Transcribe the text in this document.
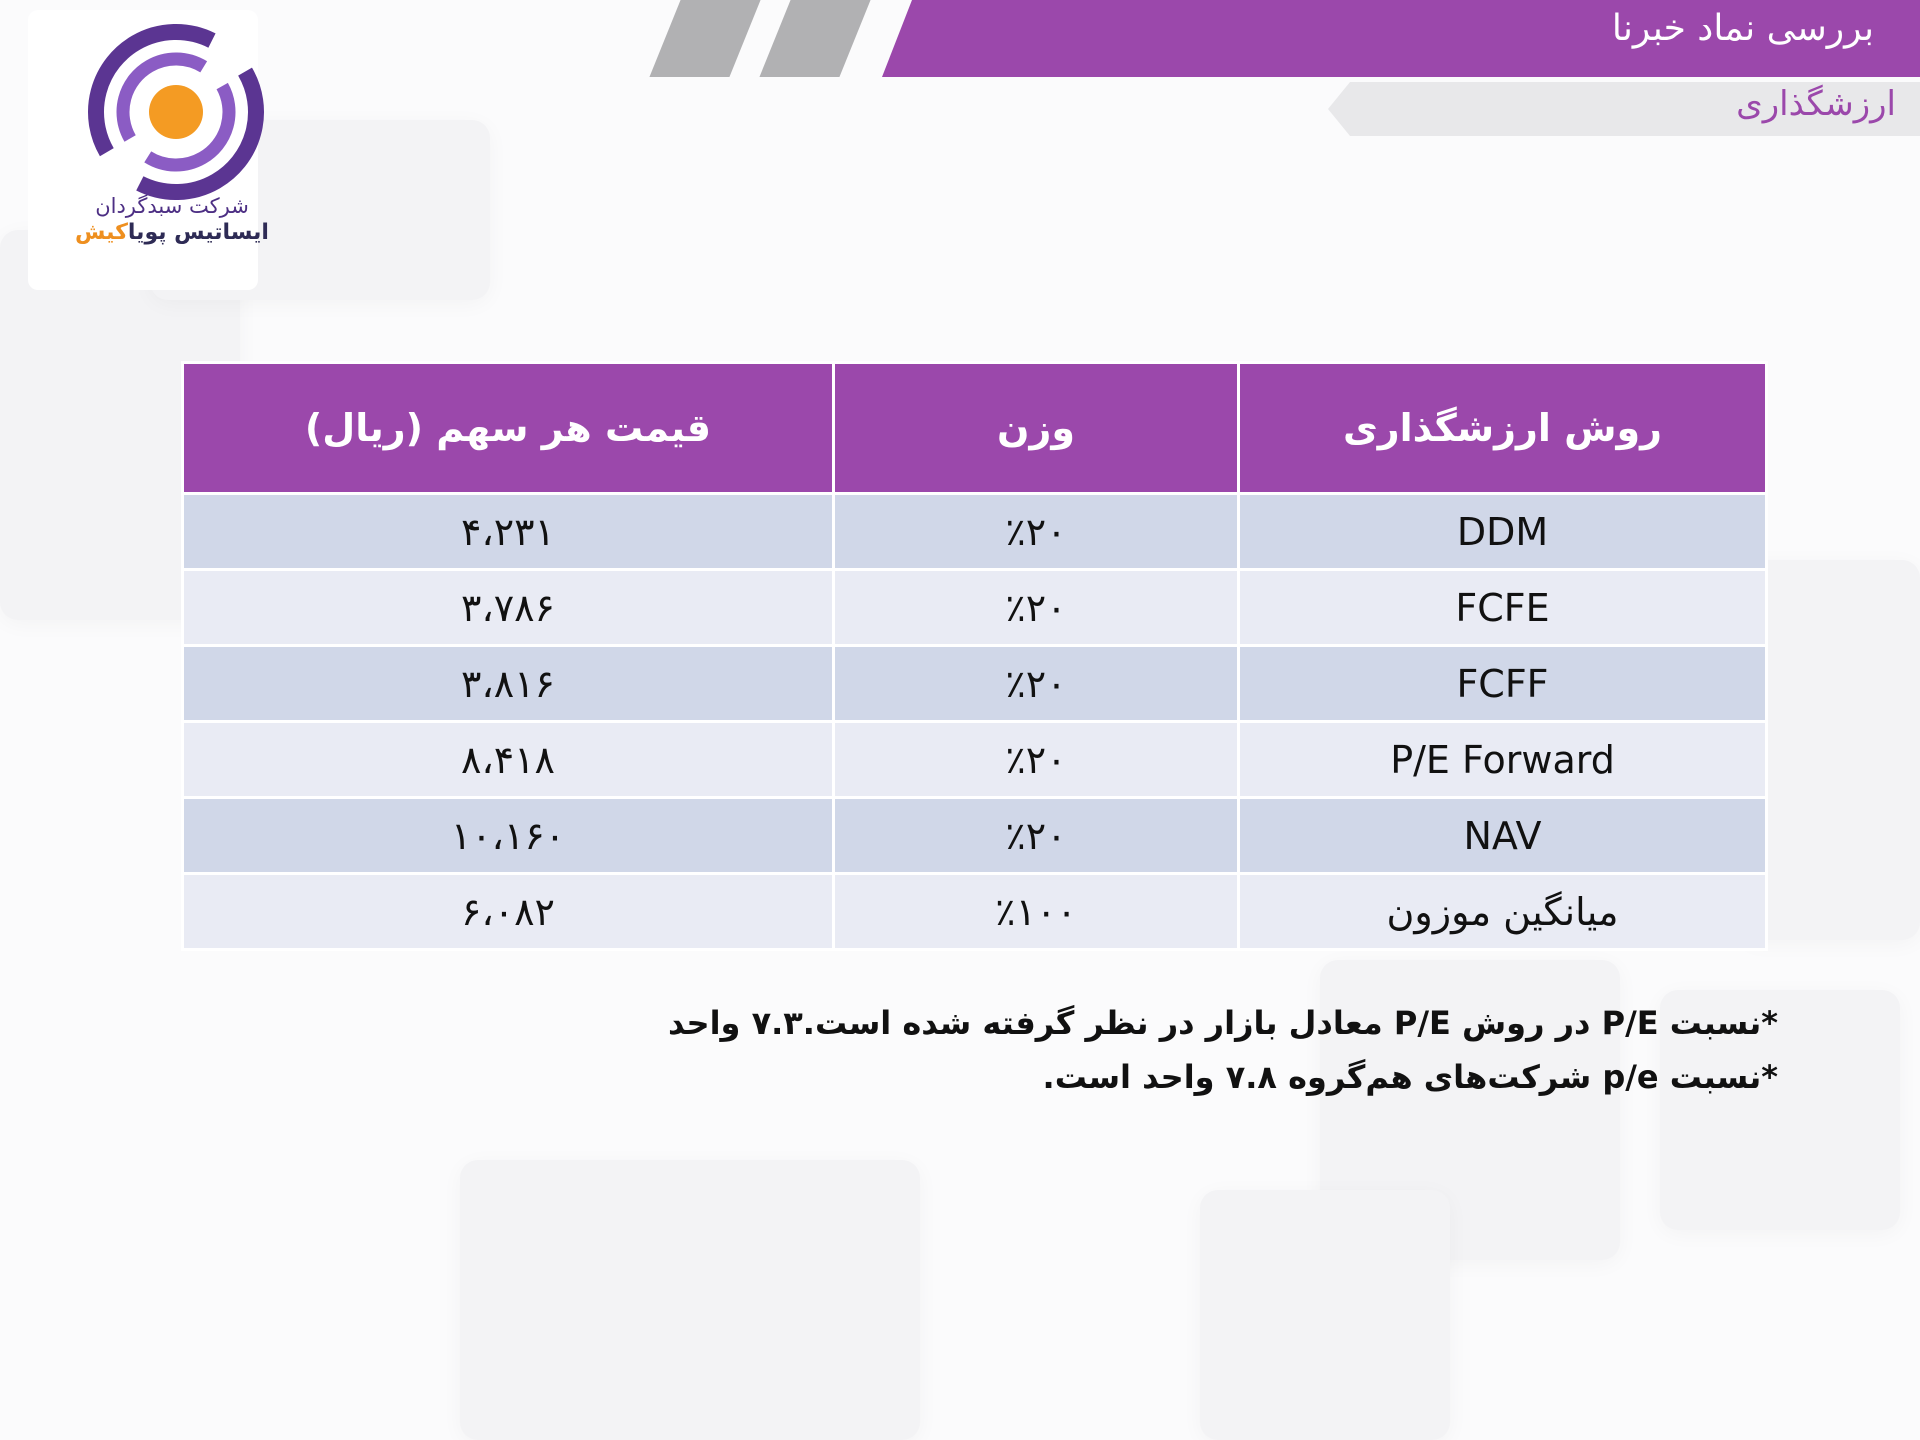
بررسی نماد خبرنا
ارزشگذاری
شرکت سبدگردان
ایساتیس پویاکیش
روش ارزشگذاری	وزن	قیمت هر سهم (ریال)
DDM	٪۲۰	۴،۲۳۱
FCFE	٪۲۰	۳،۷۸۶
FCFF	٪۲۰	۳،۸۱۶
P/E Forward	٪۲۰	۸،۴۱۸
NAV	٪۲۰	۱۰،۱۶۰
میانگین موزون	٪۱۰۰	۶،۰۸۲
*نسبت P/E در روش P/E معادل بازار در نظر گرفته شده است.۷.۳ واحد
*نسبت p/e شرکت‌های هم‌گروه ۷.۸ واحد است.
